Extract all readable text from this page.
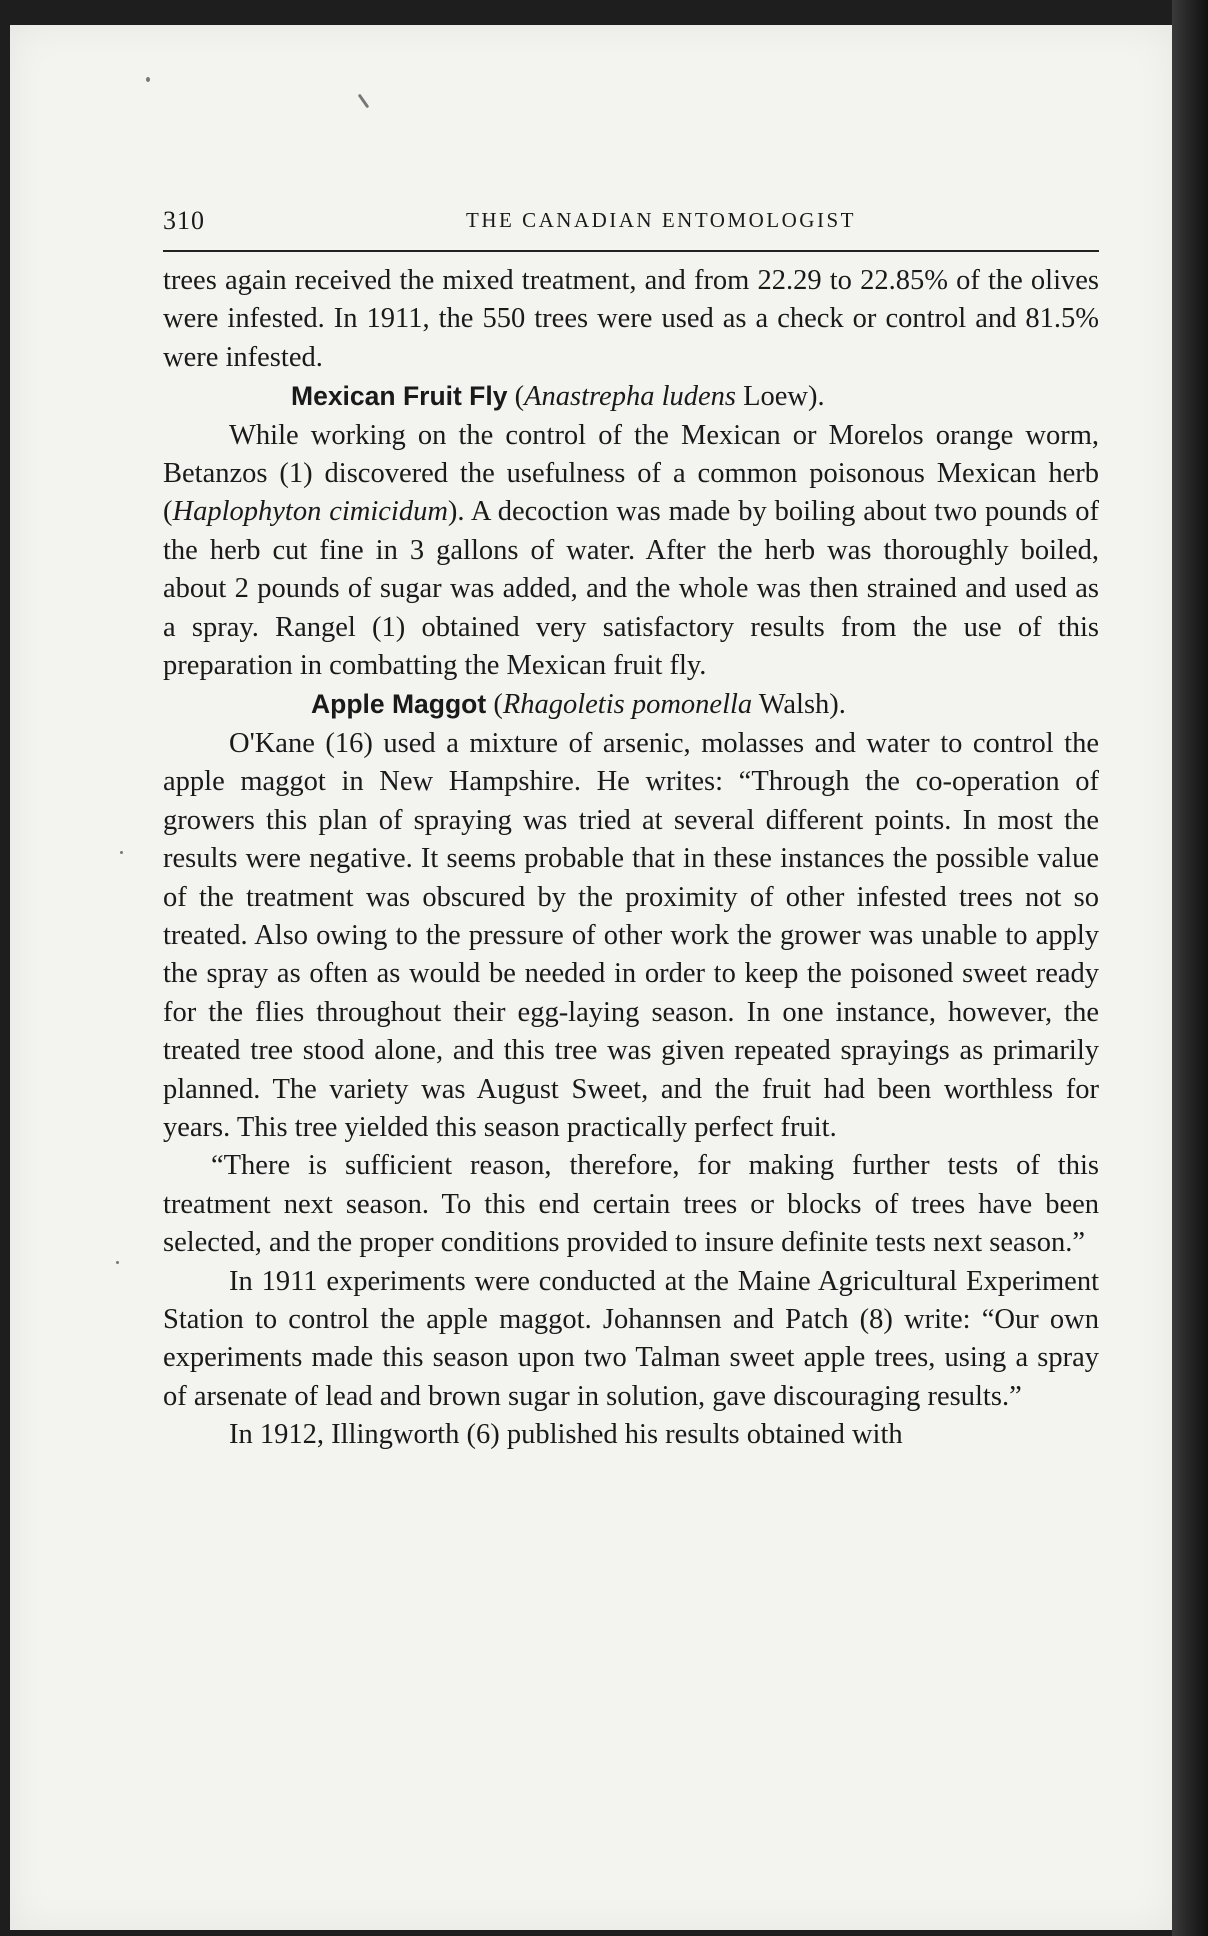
310	THE CANADIAN ENTOMOLOGIST

trees again received the mixed treatment, and from 22.29 to 22.85% of the olives were infested. In 1911, the 550 trees were used as a check or control and 81.5% were infested.

Mexican Fruit Fly (Anastrepha ludens Loew).

While working on the control of the Mexican or Morelos orange worm, Betanzos (1) discovered the usefulness of a common poisonous Mexican herb (Haplophyton cimicidum). A decoction was made by boiling about two pounds of the herb cut fine in 3 gallons of water. After the herb was thoroughly boiled, about 2 pounds of sugar was added, and the whole was then strained and used as a spray. Rangel (1) obtained very satisfactory results from the use of this preparation in combatting the Mexican fruit fly.

Apple Maggot (Rhagoletis pomonella Walsh).

O'Kane (16) used a mixture of arsenic, molasses and water to control the apple maggot in New Hampshire. He writes: “Through the co-operation of growers this plan of spraying was tried at several different points. In most the results were negative. It seems probable that in these instances the possible value of the treatment was obscured by the proximity of other infested trees not so treated. Also owing to the pressure of other work the grower was unable to apply the spray as often as would be needed in order to keep the poisoned sweet ready for the flies throughout their egg-laying season. In one instance, however, the treated tree stood alone, and this tree was given repeated sprayings as primarily planned. The variety was August Sweet, and the fruit had been worthless for years. This tree yielded this season practically perfect fruit.

“There is sufficient reason, therefore, for making further tests of this treatment next season. To this end certain trees or blocks of trees have been selected, and the proper conditions provided to insure definite tests next season.”

In 1911 experiments were conducted at the Maine Agricultural Experiment Station to control the apple maggot. Johannsen and Patch (8) write: “Our own experiments made this season upon two Talman sweet apple trees, using a spray of arsenate of lead and brown sugar in solution, gave discouraging results.”

In 1912, Illingworth (6) published his results obtained with
